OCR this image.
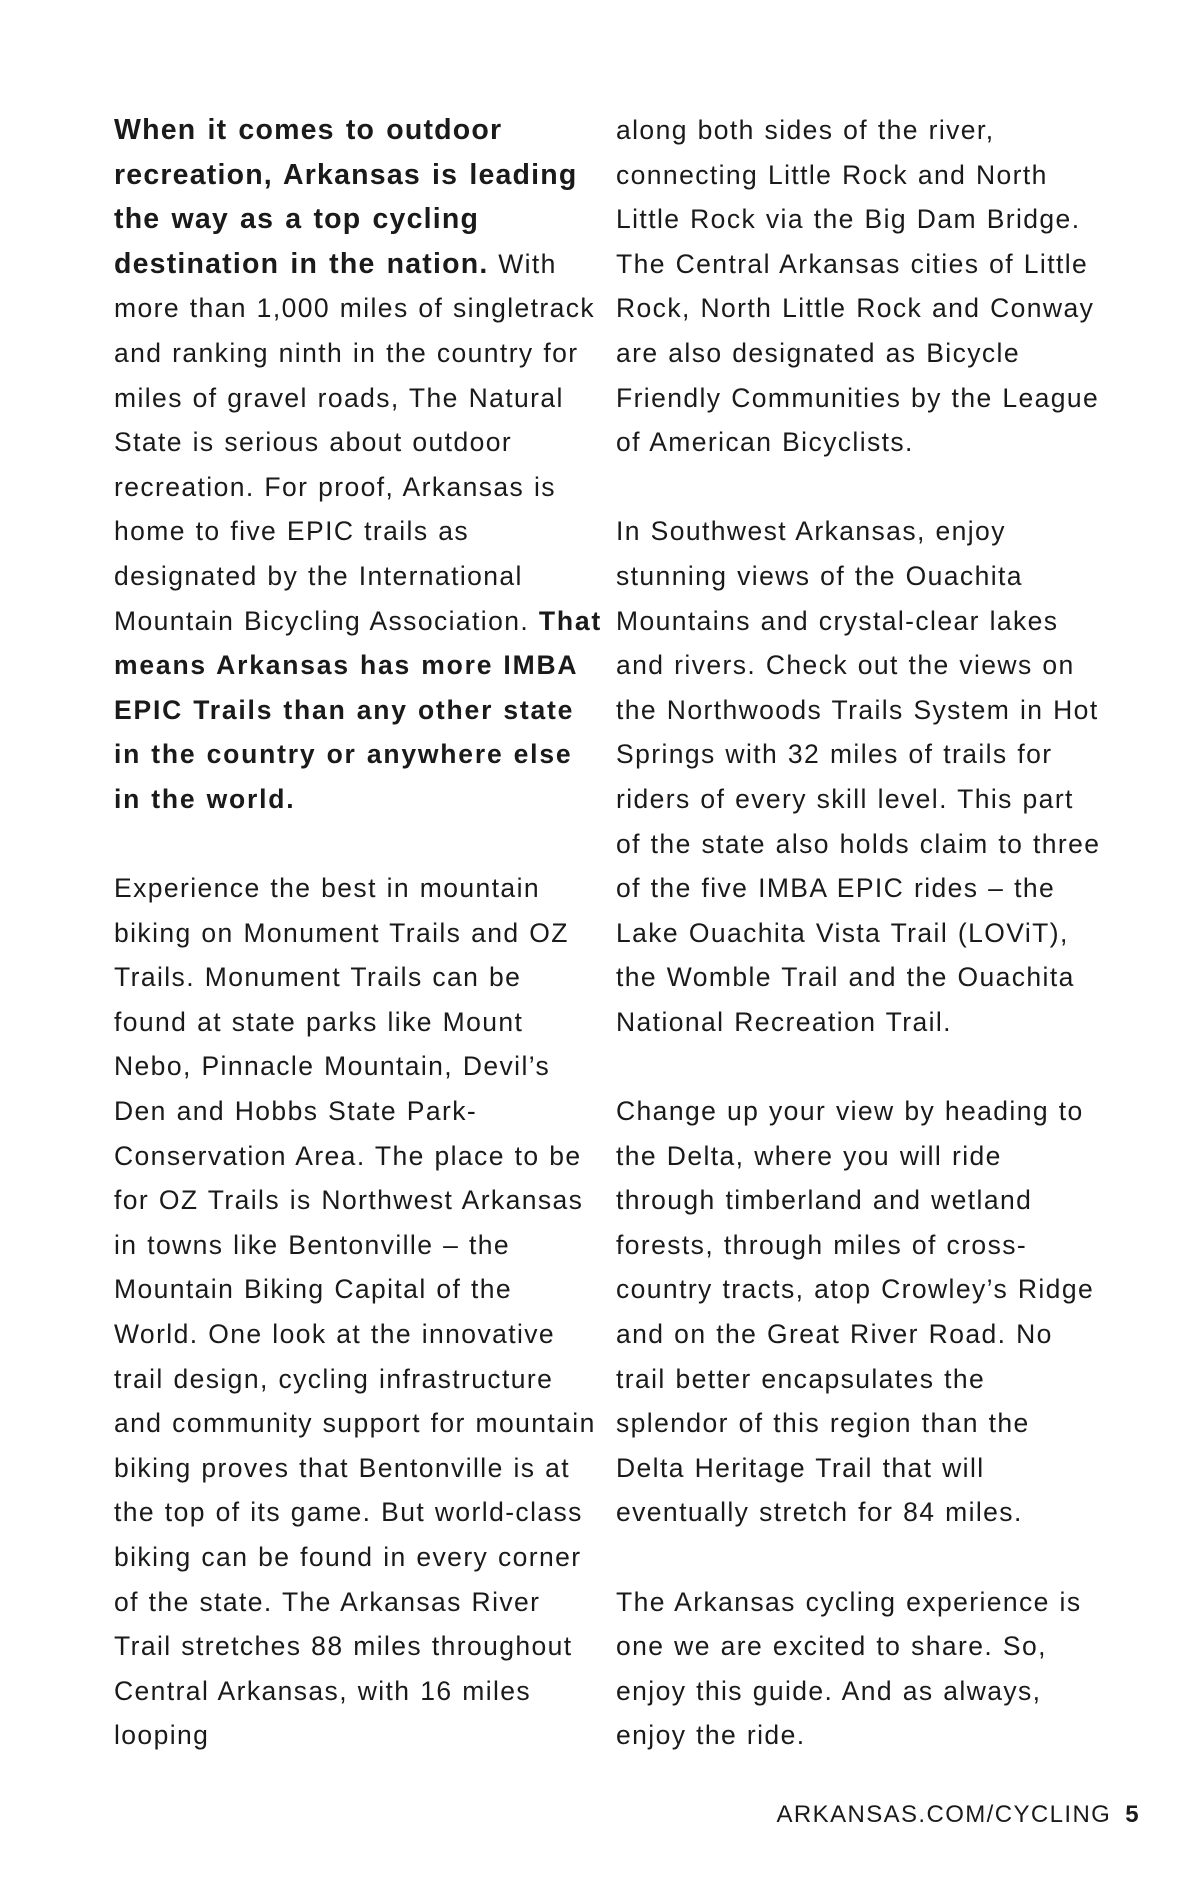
When it comes to outdoor recreation, Arkansas is leading the way as a top cycling destination in the nation. With more than 1,000 miles of singletrack and ranking ninth in the country for miles of gravel roads, The Natural State is serious about outdoor recreation. For proof, Arkansas is home to five EPIC trails as designated by the International Mountain Bicycling Association. That means Arkansas has more IMBA EPIC Trails than any other state in the country or anywhere else in the world.

Experience the best in mountain biking on Monument Trails and OZ Trails. Monument Trails can be found at state parks like Mount Nebo, Pinnacle Mountain, Devil’s Den and Hobbs State Park-Conservation Area. The place to be for OZ Trails is Northwest Arkansas in towns like Bentonville – the Mountain Biking Capital of the World. One look at the innovative trail design, cycling infrastructure and community support for mountain biking proves that Bentonville is at the top of its game. But world-class biking can be found in every corner of the state. The Arkansas River Trail stretches 88 miles throughout Central Arkansas, with 16 miles looping

along both sides of the river, connecting Little Rock and North Little Rock via the Big Dam Bridge. The Central Arkansas cities of Little Rock, North Little Rock and Conway are also designated as Bicycle Friendly Communities by the League of American Bicyclists.

In Southwest Arkansas, enjoy stunning views of the Ouachita Mountains and crystal-clear lakes and rivers. Check out the views on the Northwoods Trails System in Hot Springs with 32 miles of trails for riders of every skill level. This part of the state also holds claim to three of the five IMBA EPIC rides – the Lake Ouachita Vista Trail (LOViT), the Womble Trail and the Ouachita National Recreation Trail.

Change up your view by heading to the Delta, where you will ride through timberland and wetland forests, through miles of cross-country tracts, atop Crowley’s Ridge and on the Great River Road. No trail better encapsulates the splendor of this region than the Delta Heritage Trail that will eventually stretch for 84 miles.

The Arkansas cycling experience is one we are excited to share. So, enjoy this guide. And as always, enjoy the ride.

ARKANSAS.COM/CYCLING 5
